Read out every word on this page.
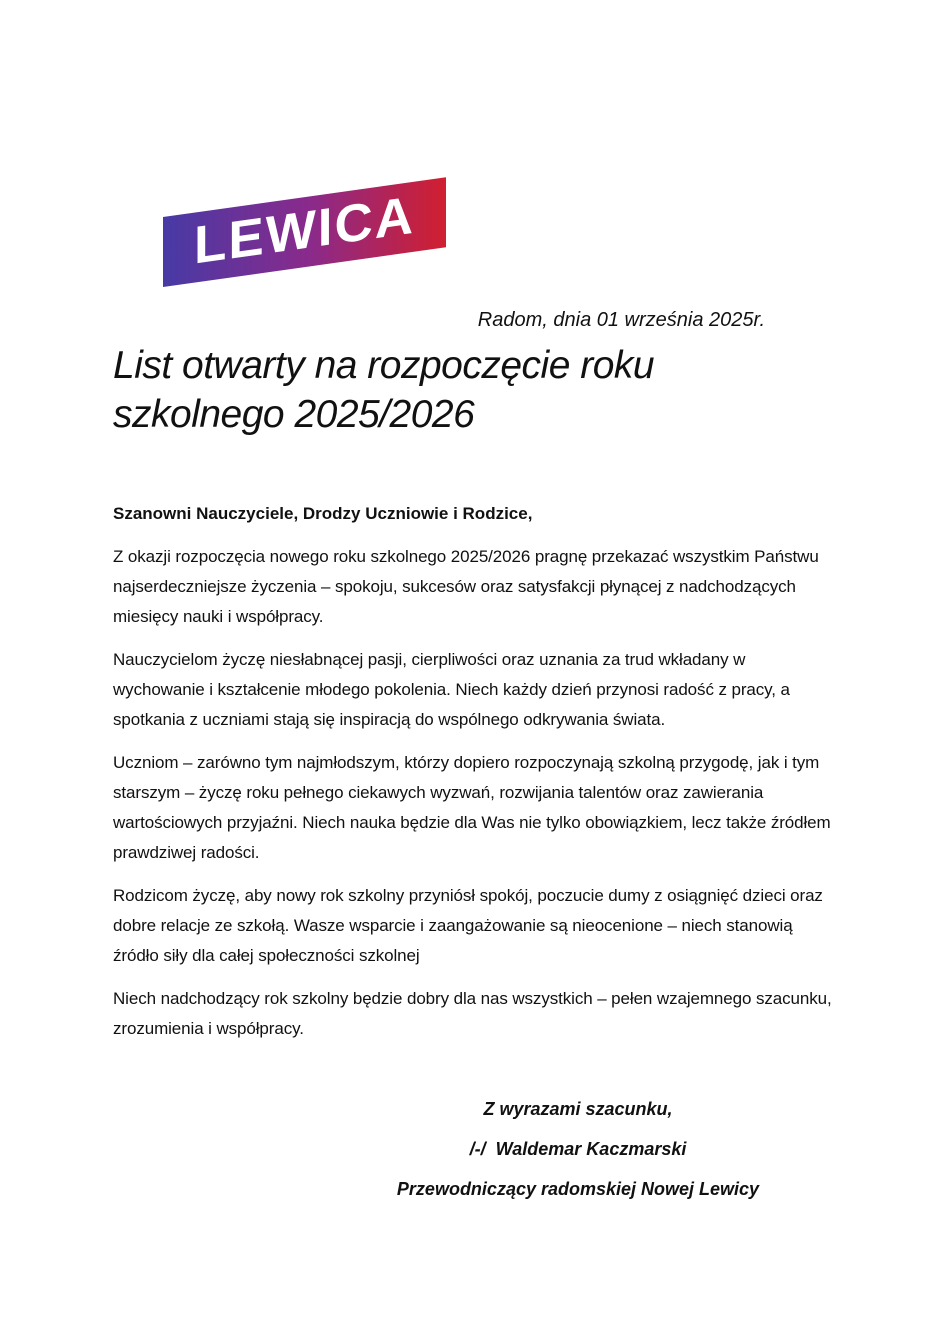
LEWICA
Radom, dnia 01 września 2025r.
List otwarty na rozpoczęcie roku szkolnego 2025/2026

Szanowni Nauczyciele, Drodzy Uczniowie i Rodzice,

Z okazji rozpoczęcia nowego roku szkolnego 2025/2026 pragnę przekazać wszystkim Państwu najserdeczniejsze życzenia – spokoju, sukcesów oraz satysfakcji płynącej z nadchodzących miesięcy nauki i współpracy.

Nauczycielom życzę niesłabnącej pasji, cierpliwości oraz uznania za trud wkładany w wychowanie i kształcenie młodego pokolenia. Niech każdy dzień przynosi radość z pracy, a spotkania z uczniami stają się inspiracją do wspólnego odkrywania świata.

Uczniom – zarówno tym najmłodszym, którzy dopiero rozpoczynają szkolną przygodę, jak i tym starszym – życzę roku pełnego ciekawych wyzwań, rozwijania talentów oraz zawierania wartościowych przyjaźni. Niech nauka będzie dla Was nie tylko obowiązkiem, lecz także źródłem prawdziwej radości.

Rodzicom życzę, aby nowy rok szkolny przyniósł spokój, poczucie dumy z osiągnięć dzieci oraz dobre relacje ze szkołą. Wasze wsparcie i zaangażowanie są nieocenione – niech stanowią źródło siły dla całej społeczności szkolnej

Niech nadchodzący rok szkolny będzie dobry dla nas wszystkich – pełen wzajemnego szacunku, zrozumienia i współpracy.

Z wyrazami szacunku,
/-/  Waldemar Kaczmarski
Przewodniczący radomskiej Nowej Lewicy
